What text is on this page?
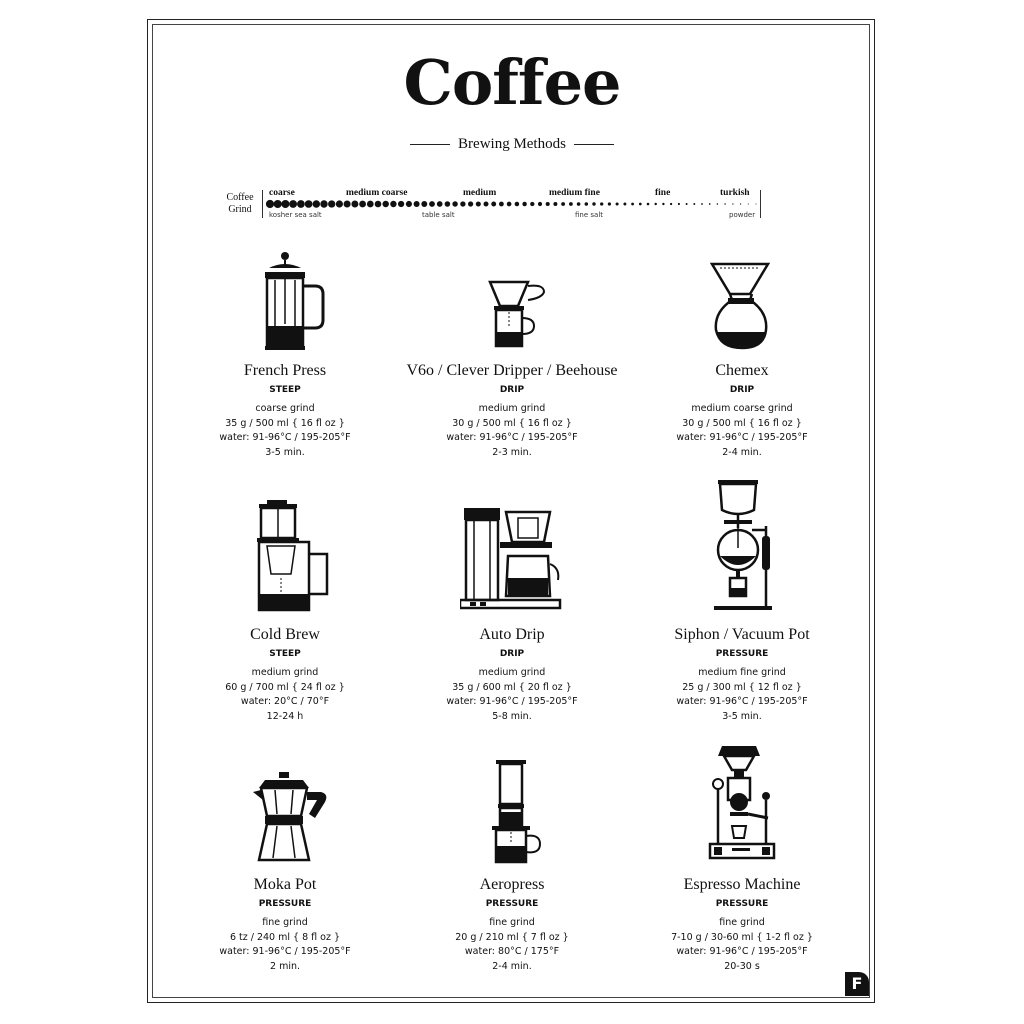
Coffee
Brewing Methods
Coffee
Grind
coarse	medium coarse	medium	medium fine	fine	turkish
kosher sea salt	table salt	fine salt	powder
French Press
STEEP
coarse grind
35 g / 500 ml { 16 fl oz }
water: 91-96°C / 195-205°F
3-5 min.
V6o / Clever Dripper / Beehouse
DRIP
medium grind
30 g / 500 ml { 16 fl oz }
water: 91-96°C / 195-205°F
2-3 min.
Chemex
DRIP
medium coarse grind
30 g / 500 ml { 16 fl oz }
water: 91-96°C / 195-205°F
2-4 min.
Cold Brew
STEEP
medium grind
60 g / 700 ml { 24 fl oz }
water: 20°C / 70°F
12-24 h
Auto Drip
DRIP
medium grind
35 g / 600 ml { 20 fl oz }
water: 91-96°C / 195-205°F
5-8 min.
Siphon / Vacuum Pot
PRESSURE
medium fine grind
25 g / 300 ml { 12 fl oz }
water: 91-96°C / 195-205°F
3-5 min.
Moka Pot
PRESSURE
fine grind
6 tz / 240 ml { 8 fl oz }
water: 91-96°C / 195-205°F
2 min.
Aeropress
PRESSURE
fine grind
20 g / 210 ml { 7 fl oz }
water: 80°C / 175°F
2-4 min.
Espresso Machine
PRESSURE
fine grind
7-10 g / 30-60 ml { 1-2 fl oz }
water: 91-96°C / 195-205°F
20-30 s
F
